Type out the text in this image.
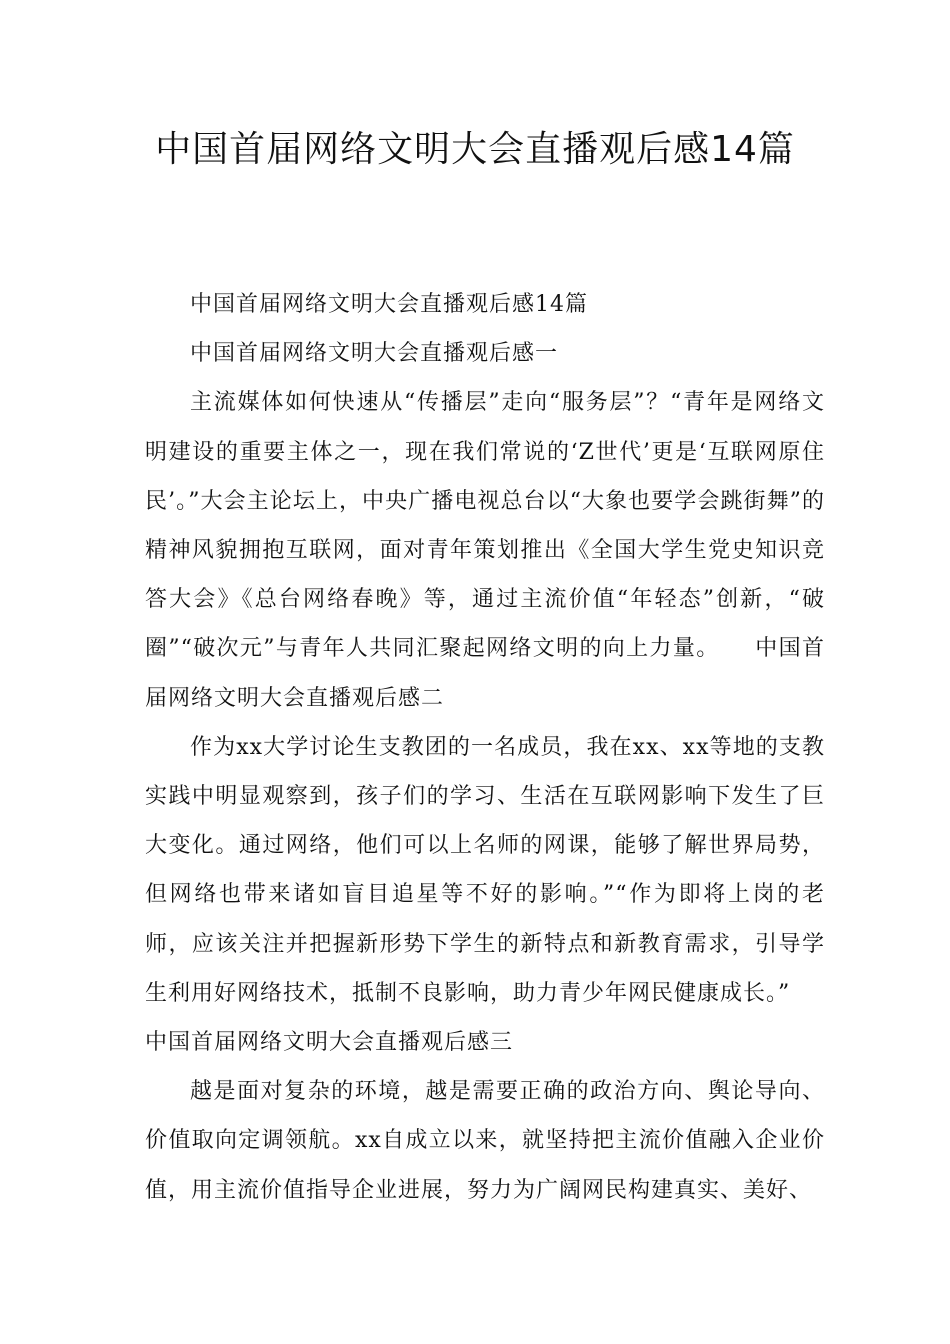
中国首届网络文明大会直播观后感14篇

中国首届网络文明大会直播观后感14篇

中国首届网络文明大会直播观后感一

主流媒体如何快速从“传播层”走向“服务层”？“青年是网络文明建设的重要主体之一，现在我们常说的‘Z世代’更是‘互联网原住民’。”大会主论坛上，中央广播电视总台以“大象也要学会跳街舞”的精神风貌拥抱互联网，面对青年策划推出《全国大学生党史知识竞答大会》《总台网络春晚》等，通过主流价值“年轻态”创新，“破圈”“破次元”与青年人共同汇聚起网络文明的向上力量。　　中国首届网络文明大会直播观后感二

作为xx大学讨论生支教团的一名成员，我在xx、xx等地的支教实践中明显观察到，孩子们的学习、生活在互联网影响下发生了巨大变化。通过网络，他们可以上名师的网课，能够了解世界局势，但网络也带来诸如盲目追星等不好的影响。”“作为即将上岗的老师，应该关注并把握新形势下学生的新特点和新教育需求，引导学生利用好网络技术，抵制不良影响，助力青少年网民健康成长。”

中国首届网络文明大会直播观后感三

越是面对复杂的环境，越是需要正确的政治方向、舆论导向、价值取向定调领航。xx自成立以来，就坚持把主流价值融入企业价值，用主流价值指导企业进展，努力为广阔网民构建真实、美好、
